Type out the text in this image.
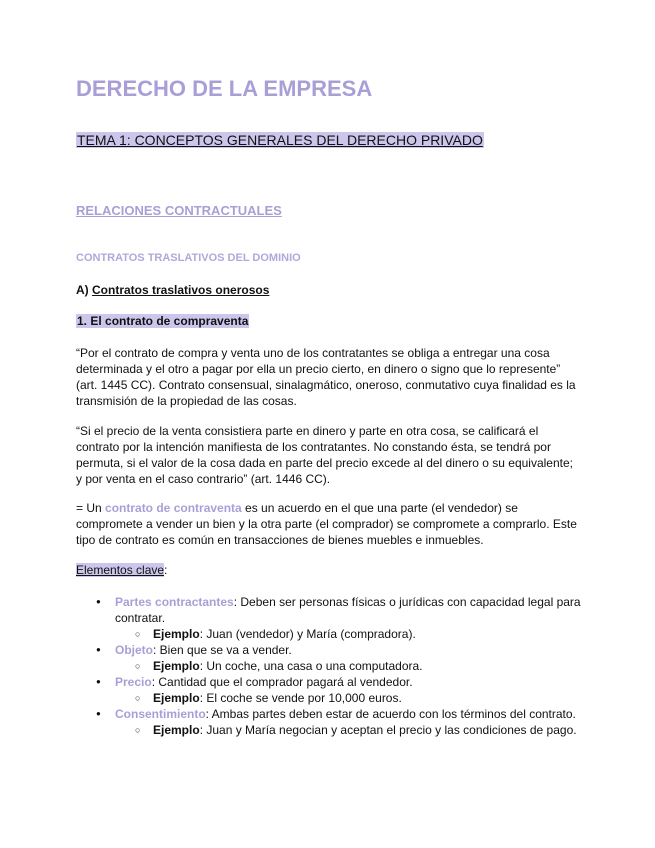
DERECHO DE LA EMPRESA
TEMA 1: CONCEPTOS GENERALES DEL DERECHO PRIVADO
RELACIONES CONTRACTUALES
CONTRATOS TRASLATIVOS DEL DOMINIO
A) Contratos traslativos onerosos
1. El contrato de compraventa

“Por el contrato de compra y venta uno de los contratantes se obliga a entregar una cosa determinada y el otro a pagar por ella un precio cierto, en dinero o signo que lo represente” (art. 1445 CC). Contrato consensual, sinalagmático, oneroso, conmutativo cuya finalidad es la transmisión de la propiedad de las cosas.

“Si el precio de la venta consistiera parte en dinero y parte en otra cosa, se calificará el contrato por la intención manifiesta de los contratantes. No constando ésta, se tendrá por permuta, si el valor de la cosa dada en parte del precio excede al del dinero o su equivalente; y por venta en el caso contrario” (art. 1446 CC).

= Un contrato de contraventa es un acuerdo en el que una parte (el vendedor) se compromete a vender un bien y la otra parte (el comprador) se compromete a comprarlo. Este tipo de contrato es común en transacciones de bienes muebles e inmuebles.

Elementos clave:
● Partes contractantes: Deben ser personas físicas o jurídicas con capacidad legal para contratar.
○ Ejemplo: Juan (vendedor) y María (compradora).
● Objeto: Bien que se va a vender.
○ Ejemplo: Un coche, una casa o una computadora.
● Precio: Cantidad que el comprador pagará al vendedor.
○ Ejemplo: El coche se vende por 10,000 euros.
● Consentimiento: Ambas partes deben estar de acuerdo con los términos del contrato.
○ Ejemplo: Juan y María negocian y aceptan el precio y las condiciones de pago.
